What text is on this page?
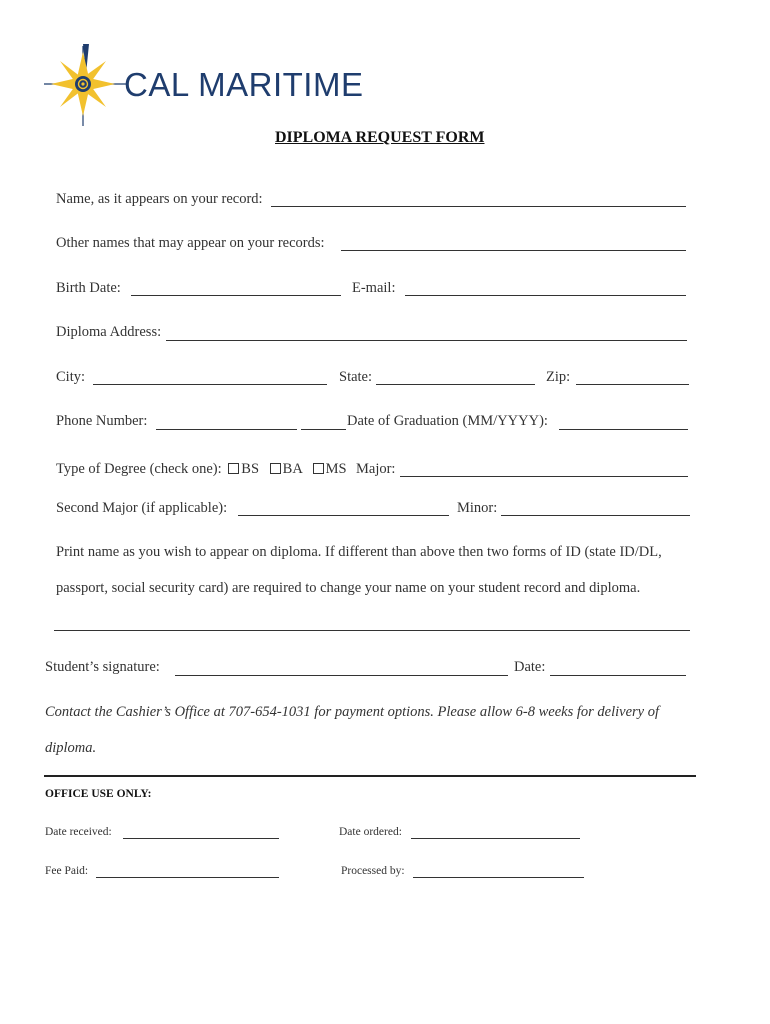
CAL MARITIME
DIPLOMA REQUEST FORM
Name, as it appears on your record:
Other names that may appear on your records:
Birth Date:	E-mail:
Diploma Address:
City:	State:	Zip:
Phone Number:	Date of Graduation (MM/YYYY):
Type of Degree (check one): BS BA MS Major:
Second Major (if applicable):	Minor:
Print name as you wish to appear on diploma. If different than above then two forms of ID (state ID/DL,
passport, social security card) are required to change your name on your student record and diploma.
Student’s signature:	Date:
Contact the Cashier’s Office at 707-654-1031 for payment options. Please allow 6-8 weeks for delivery of
diploma.
OFFICE USE ONLY:
Date received:	Date ordered:
Fee Paid:	Processed by:
